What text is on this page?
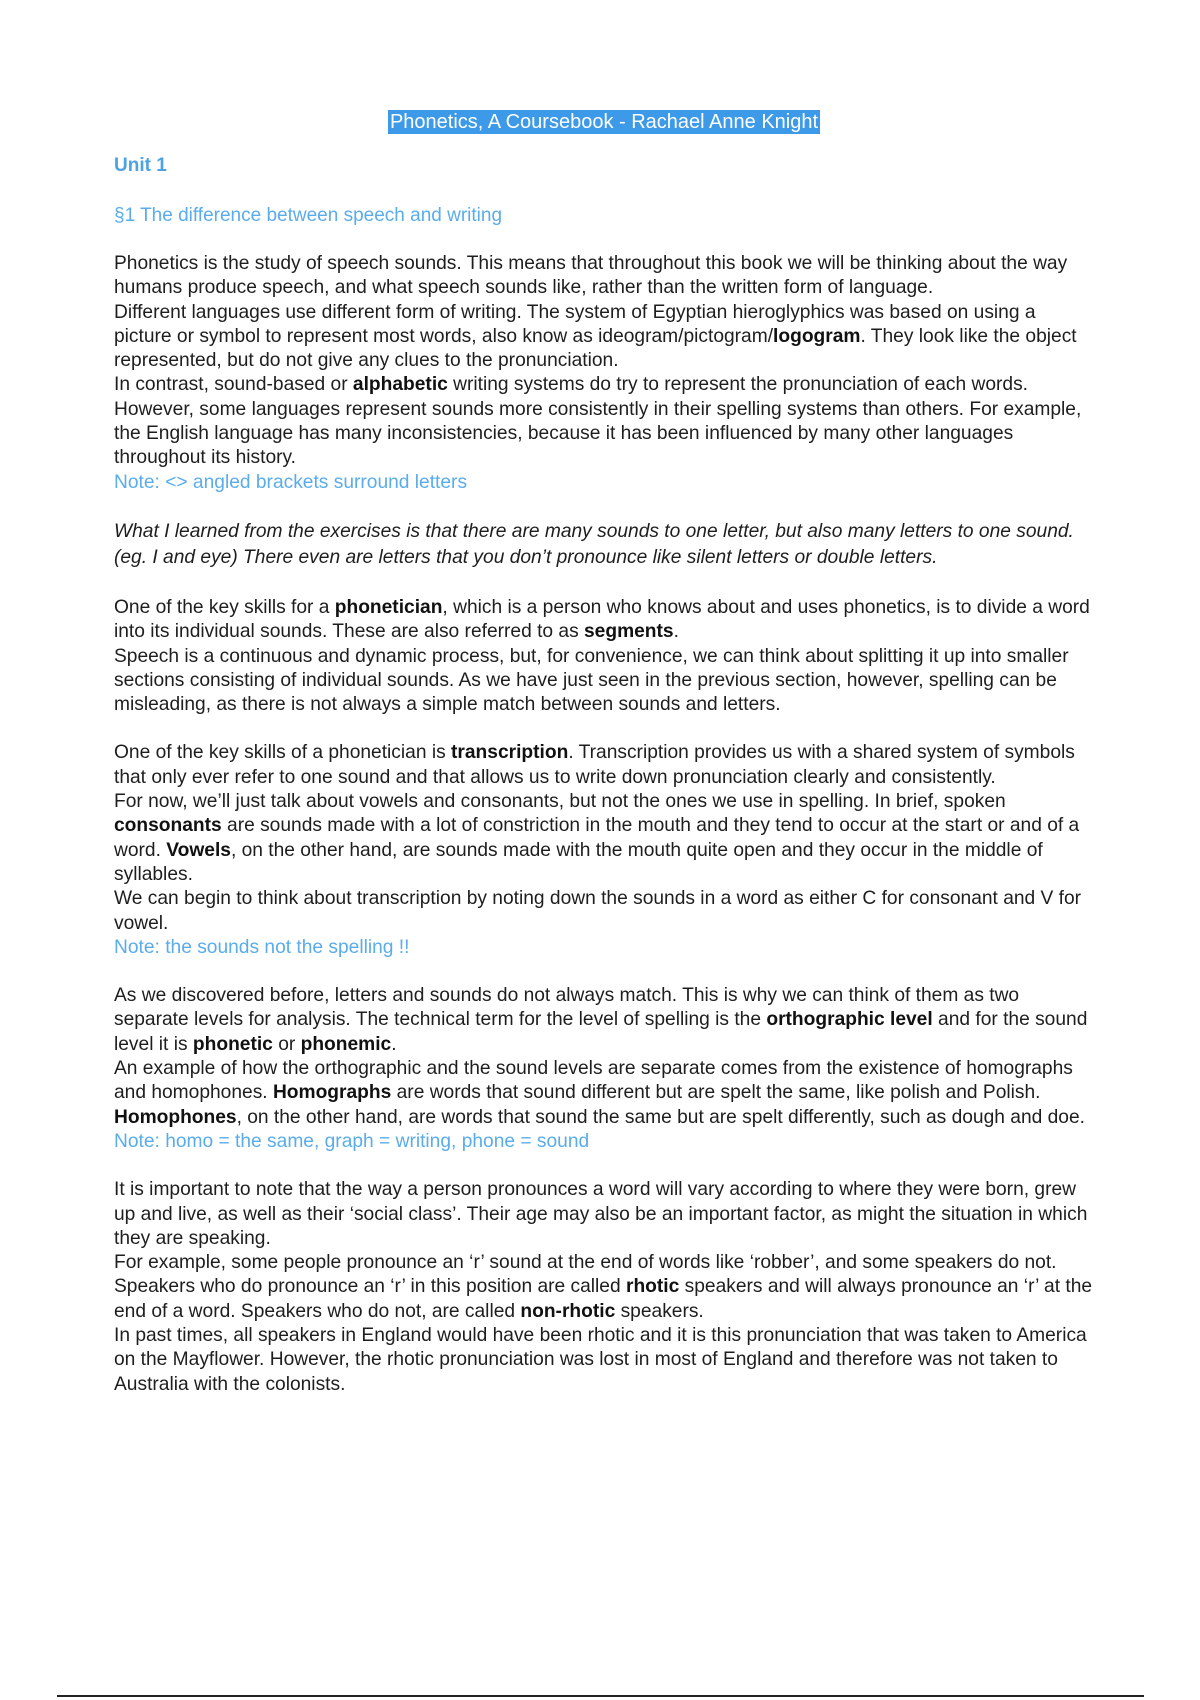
Phonetics, A Coursebook - Rachael Anne Knight
Unit 1
§1 The difference between speech and writing

Phonetics is the study of speech sounds. This means that throughout this book we will be thinking about the way humans produce speech, and what speech sounds like, rather than the written form of language.

Different languages use different form of writing. The system of Egyptian hieroglyphics was based on using a picture or symbol to represent most words, also know as ideogram/pictogram/logogram. They look like the object represented, but do not give any clues to the pronunciation.

In contrast, sound-based or alphabetic writing systems do try to represent the pronunciation of each words. However, some languages represent sounds more consistently in their spelling systems than others. For example, the English language has many inconsistencies, because it has been influenced by many other languages throughout its history.

Note: <> angled brackets surround letters

What I learned from the exercises is that there are many sounds to one letter, but also many letters to one sound. (eg. I and eye) There even are letters that you don’t pronounce like silent letters or double letters.

One of the key skills for a phonetician, which is a person who knows about and uses phonetics, is to divide a word into its individual sounds. These are also referred to as segments.

Speech is a continuous and dynamic process, but, for convenience, we can think about splitting it up into smaller sections consisting of individual sounds. As we have just seen in the previous section, however, spelling can be misleading, as there is not always a simple match between sounds and letters.

One of the key skills of a phonetician is transcription. Transcription provides us with a shared system of symbols that only ever refer to one sound and that allows us to write down pronunciation clearly and consistently.

For now, we’ll just talk about vowels and consonants, but not the ones we use in spelling. In brief, spoken consonants are sounds made with a lot of constriction in the mouth and they tend to occur at the start or and of a word. Vowels, on the other hand, are sounds made with the mouth quite open and they occur in the middle of syllables.

We can begin to think about transcription by noting down the sounds in a word as either C for consonant and V for vowel.

Note: the sounds not the spelling !!

As we discovered before, letters and sounds do not always match. This is why we can think of them as two separate levels for analysis. The technical term for the level of spelling is the orthographic level and for the sound level it is phonetic or phonemic.

An example of how the orthographic and the sound levels are separate comes from the existence of homographs and homophones. Homographs are words that sound different but are spelt the same, like polish and Polish. Homophones, on the other hand, are words that sound the same but are spelt differently, such as dough and doe.

Note: homo = the same, graph = writing, phone = sound

It is important to note that the way a person pronounces a word will vary according to where they were born, grew up and live, as well as their ‘social class’. Their age may also be an important factor, as might the situation in which they are speaking.

For example, some people pronounce an ‘r’ sound at the end of words like ‘robber’, and some speakers do not. Speakers who do pronounce an ‘r’ in this position are called rhotic speakers and will always pronounce an ‘r’ at the end of a word. Speakers who do not, are called non-rhotic speakers.

In past times, all speakers in England would have been rhotic and it is this pronunciation that was taken to America on the Mayflower. However, the rhotic pronunciation was lost in most of England and therefore was not taken to Australia with the colonists.
